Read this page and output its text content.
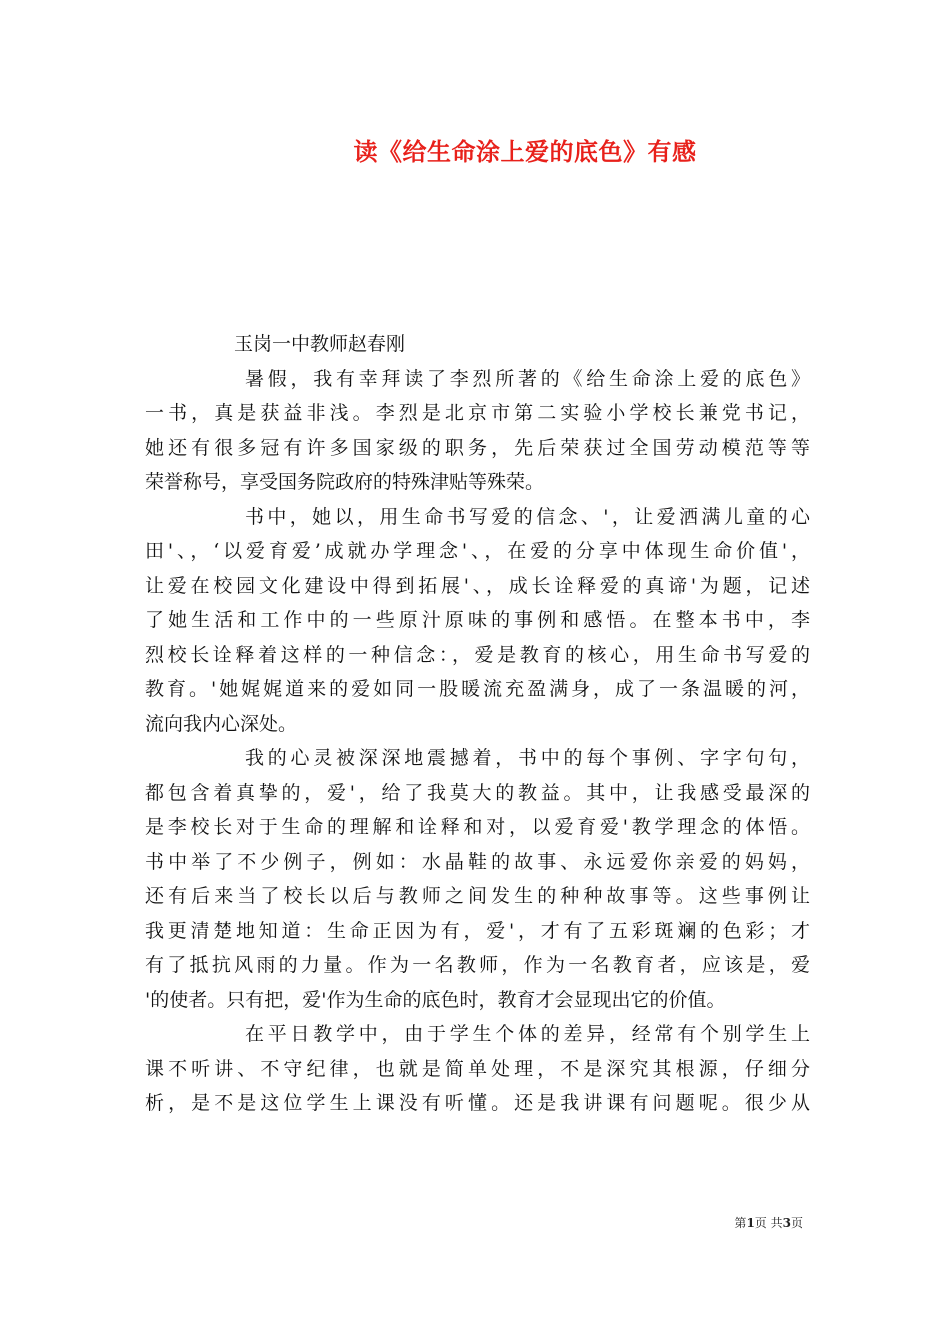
读《给生命涂上爱的底色》有感

玉岗一中教师赵春刚

暑假，我有幸拜读了李烈所著的《给生命涂上爱的底色》
一书，真是获益非浅。李烈是北京市第二实验小学校长兼党书记，
她还有很多冠有许多国家级的职务，先后荣获过全国劳动模范等等
荣誉称号，享受国务院政府的特殊津贴等殊荣。
书中，她以，用生命书写爱的信念、'，让爱洒满儿童的心
田'、，‘以爱育爱’成就办学理念'、，在爱的分享中体现生命价值'，
让爱在校园文化建设中得到拓展'、，成长诠释爱的真谛'为题，记述
了她生活和工作中的一些原汁原味的事例和感悟。在整本书中，李
烈校长诠释着这样的一种信念：，爱是教育的核心，用生命书写爱的
教育。'她娓娓道来的爱如同一股暖流充盈满身，成了一条温暖的河，
流向我内心深处。
我的心灵被深深地震撼着，书中的每个事例、字字句句，
都包含着真挚的，爱'，给了我莫大的教益。其中，让我感受最深的
是李校长对于生命的理解和诠释和对，以爱育爱'教学理念的体悟。
书中举了不少例子，例如：水晶鞋的故事、永远爱你亲爱的妈妈，
还有后来当了校长以后与教师之间发生的种种故事等。这些事例让
我更清楚地知道：生命正因为有，爱'，才有了五彩斑斓的色彩；才
有了抵抗风雨的力量。作为一名教师，作为一名教育者，应该是，爱
'的使者。只有把，爱'作为生命的底色时，教育才会显现出它的价值。
在平日教学中，由于学生个体的差异，经常有个别学生上
课不听讲、不守纪律，也就是简单处理，不是深究其根源，仔细分
析，是不是这位学生上课没有听懂。还是我讲课有问题呢。很少从
第1页 共3页
